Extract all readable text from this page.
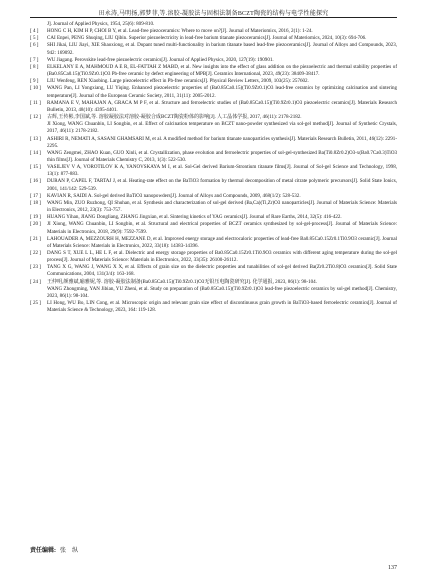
田永涛,马明扬,郭梦菲,等.溶胶-凝胶法与固相法制备BCZT陶瓷的结构与电学性能探究
J]. Journal of Applied Physics, 1954, 25(6): 809-810.
[ 4 ]	HONG C H, KIM H P, CHOI B Y, et al. Lead-free piezoceramics: Where to move on?[J]. Journal of Materiomics, 2016, 2(1): 1-24.
[ 5 ]	CAI Enpei, PENG Shuqing, LIU Qibin. Superior piezoelectricity in lead-free barium titanate piezoceramics[J]. Journal of Materiomics, 2024, 10(3): 694-706.
[ 6 ]	SHI Jikai, LIU Jiayi, XIE Shaoxiong, et al. Dopant tuned multi-functionality in barium titanate based lead-free piezoceramics[J]. Journal of Alloys and Compounds, 2023, 942: 169092.
[ 7 ]	WU Jiagang. Perovskite lead-free piezoelectric ceramics[J]. Journal of Applied Physics, 2020, 127(19): 190901.
[ 8 ]	ELKELANY E A, MAHMOUD A E R, EL-FATTAH Z MABD, et al. New insights into the effect of glass addition on the piezoelectric and thermal stability properties of (Ba0.85Ca0.15)(Ti0.9Zr0.1)O3 Pb-free ceramic by defect engineering of MPB[J]. Ceramics International, 2023, 49(23): 38409-38417.
[ 9 ]	LIU Wenfeng, REN Xiaobing. Large piezoelectric effect in Pb-free ceramics[J]. Physical Review Letters, 2009, 103(25): 257602.
[ 10 ]	WANG Pan, LI Yongxiang, LU Yiqing. Enhanced piezoelectric properties of (Ba0.85Ca0.15)(Ti0.9Zr0.1)O3 lead-free ceramics by optimizing calcination and sintering temperature[J]. Journal of the European Ceramic Society, 2011, 31(11): 2005-2012.
[ 11 ]	RAMANA E V, MAHAJAN A, GRACA M P F, et al. Structure and ferroelectric studies of (Ba0.85Ca0.15)(Ti0.9Zr0.1)O3 piezoelectric ceramics[J]. Materials Research Bulletin, 2013, 48(10): 4395-4401.
[ 12 ]	古辉,王传彬,李国斌,等. 溶胶凝胶法对溶胶-凝胶合成BCZT陶瓷粉体的影响[J]. 人工晶体学报, 2017, 46(11): 2178-2182.
JI Xiong, WANG Chuanbin, LI Songbin, et al. Effect of calcination temperature on BCZT nano-powder synthesized via sol-gel method[J]. Journal of Synthetic Crystals, 2017, 46(11): 2178-2182.
[ 13 ]	ASHIRI R, NEMATI A, SASANI GHAMSARI M, et al. A modified method for barium titanate nanoparticles synthesis[J]. Materials Research Bulletin, 2011, 46(12): 2291-2295.
[ 14 ]	WANG Zengmei, ZHAO Kuan, GUO Xinli, et al. Crystallization, phase evolution and ferroelectric properties of sol-gel-synthesized Ba(Ti0.8Zr0.2)O3-x(Ba0.7Ca0.3)TiO3 thin films[J]. Journal of Materials Chemistry C, 2013, 1(3): 522-530.
[ 15 ]	VASILJEV V A, VOROTILOV K A, YANOVSKAYA M I, et al. Sol-Gel derived Barium-Strontium titanate films[J]. Journal of Sol-gel Science and Technology, 1998, 13(1): 877-883.
[ 16 ]	DURAN P, CAPEL F, TARTAJ J, et al. Heating-rate effect on the BaTiO3 formation by thermal decomposition of metal citrate polymeric precursors[J]. Solid State Ionics, 2001, 141/142: 529-539.
[ 17 ]	KAVIAN R, SAIDI A. Sol-gel derived BaTiO3 nanopowders[J]. Journal of Alloys and Compounds, 2009, 468(1/2): 528-532.
[ 18 ]	WANG Min, ZUO Ruzhong, QI Shuhan, et al. Synthesis and characterization of sol-gel derived (Ba,Ca)(Ti,Zr)O3 nanoparticles[J]. Journal of Materials Science: Materials in Electronics, 2012, 23(3): 753-757.
[ 19 ]	HUANG Yihan, JIANG Dongliang, ZHANG Jingxian, et al. Sintering kinetics of YAG ceramics[J]. Journal of Rare Earths, 2014, 32(5): 416-422.
[ 20 ]	JI Xiong, WANG Chuanbin, LI Songbin, et al. Structural and electrical properties of BCZT ceramics synthesized by sol-gel-process[J]. Journal of Materials Science: Materials in Electronics, 2018, 29(9): 7592-7599.
[ 21 ]	LAHOUADER A, MEZZOURH H, MEZZANE D, et al. Improved energy storage and electrocaloric properties of lead-free Ba0.85Ca0.15Zr0.1Ti0.9O3 ceramic[J]. Journal of Materials Science: Materials in Electronics, 2022, 33(18): 14383-14396.
[ 22 ]	DANG S T, XUE L L, HE L F, et al. Dielectric and energy storage properties of Ba0.85Ca0.15Zr0.1Ti0.9O3 ceramics with different aging temperature during the sol-gel process[J]. Journal of Materials Science: Materials in Electronics, 2022, 33(35): 26100-26112.
[ 23 ]	TANG X G, WANG J, WANG X X, et al. Effects of grain size on the dielectric properties and tunabilities of sol-gel derived Ba(Zr0.2Ti0.8)O3 ceramics[J]. Solid State Communications, 2004, 131(3/4): 163-168.
[ 24 ]	王仲明,颜雅斌,喻雅妮,等. 溶胶-凝胶法制备(Ba0.85Ca0.15)(Ti0.9Zr0.1)O3无铅压电陶瓷研究[J]. 化学通报, 2023, 86(1): 98-104.
WANG Zhongming, YAN Jibian, YU Zheni, et al. Study on preparation of (Ba0.85Ca0.15)(Ti0.9Zr0.1)O3 lead-free piezoelectric ceramics by sol-gel method[J]. Chemistry, 2023, 86(1): 98-104.
[ 25 ]	LI Hong, WU Bo, LIN Cong, et al. Microscopic origin and relevant grain size effect of discontinuous grain growth in BaTiO3-based ferroelectric ceramics[J]. Journal of Materials Science & Technology, 2023, 164: 119-128.
责任编辑: 张　纵
137
